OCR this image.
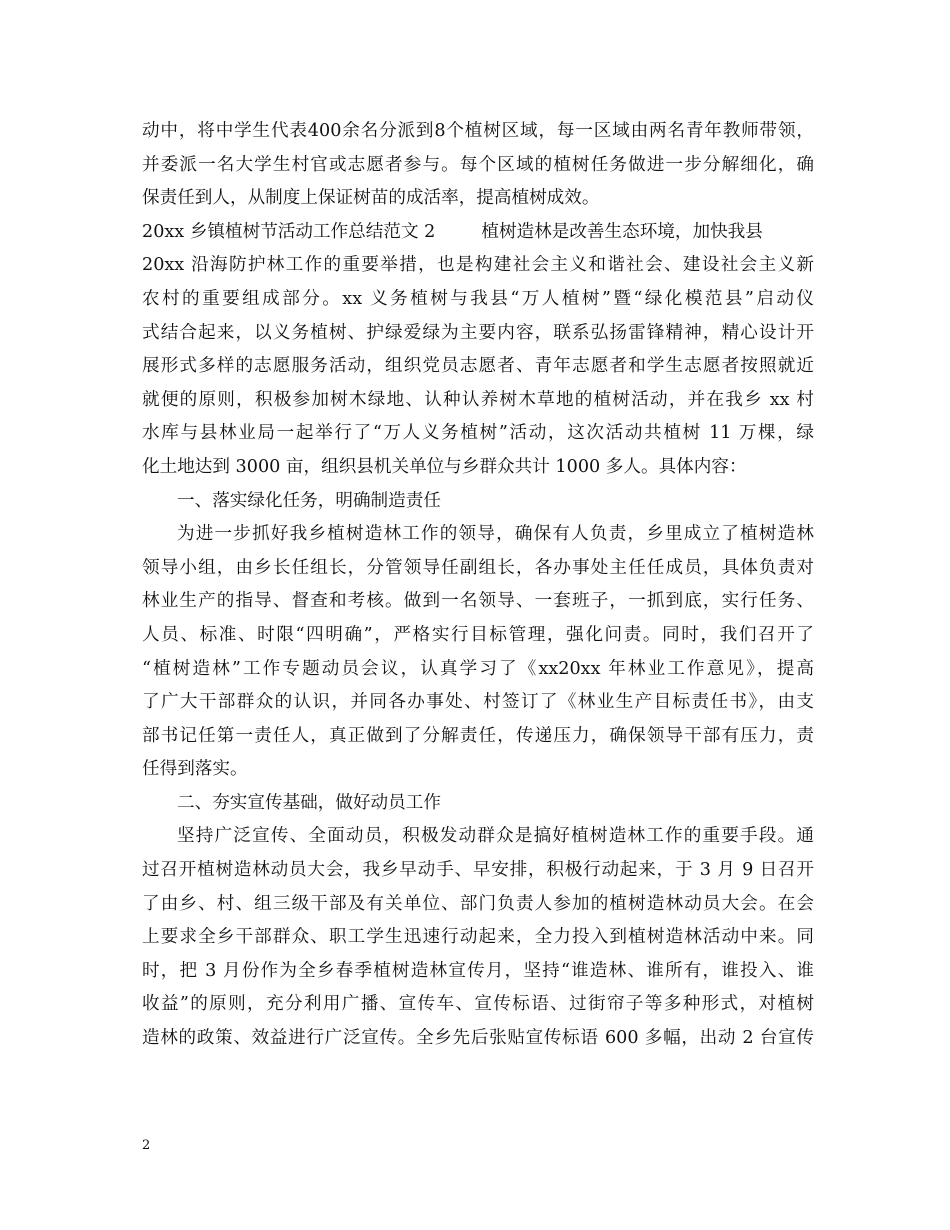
动中，将中学生代表400余名分派到8个植树区域，每一区域由两名青年教师带领，
并委派一名大学生村官或志愿者参与。每个区域的植树任务做进一步分解细化，确
保责任到人，从制度上保证树苗的成活率，提高植树成效。
20xx 乡镇植树节活动工作总结范文 2	植树造林是改善生态环境，加快我县
20xx 沿海防护林工作的重要举措，也是构建社会主义和谐社会、建设社会主义新
农村的重要组成部分。xx 义务植树与我县“万人植树”暨“绿化模范县”启动仪
式结合起来，以义务植树、护绿爱绿为主要内容，联系弘扬雷锋精神，精心设计开
展形式多样的志愿服务活动，组织党员志愿者、青年志愿者和学生志愿者按照就近
就便的原则，积极参加树木绿地、认种认养树木草地的植树活动，并在我乡 xx 村
水库与县林业局一起举行了“万人义务植树”活动，这次活动共植树 11 万棵，绿
化土地达到 3000 亩，组织县机关单位与乡群众共计 1000 多人。具体内容：
一、落实绿化任务，明确制造责任
为进一步抓好我乡植树造林工作的领导，确保有人负责，乡里成立了植树造林
领导小组，由乡长任组长，分管领导任副组长，各办事处主任任成员，具体负责对
林业生产的指导、督查和考核。做到一名领导、一套班子，一抓到底，实行任务、
人员、标准、时限“四明确”，严格实行目标管理，强化问责。同时，我们召开了
“植树造林”工作专题动员会议，认真学习了《xx20xx 年林业工作意见》，提高
了广大干部群众的认识，并同各办事处、村签订了《林业生产目标责任书》，由支
部书记任第一责任人，真正做到了分解责任，传递压力，确保领导干部有压力，责
任得到落实。
二、夯实宣传基础，做好动员工作
坚持广泛宣传、全面动员，积极发动群众是搞好植树造林工作的重要手段。通
过召开植树造林动员大会，我乡早动手、早安排，积极行动起来，于 3 月 9 日召开
了由乡、村、组三级干部及有关单位、部门负责人参加的植树造林动员大会。在会
上要求全乡干部群众、职工学生迅速行动起来，全力投入到植树造林活动中来。同
时，把 3 月份作为全乡春季植树造林宣传月，坚持“谁造林、谁所有，谁投入、谁
收益”的原则，充分利用广播、宣传车、宣传标语、过街帘子等多种形式，对植树
造林的政策、效益进行广泛宣传。全乡先后张贴宣传标语 600 多幅，出动 2 台宣传
2
